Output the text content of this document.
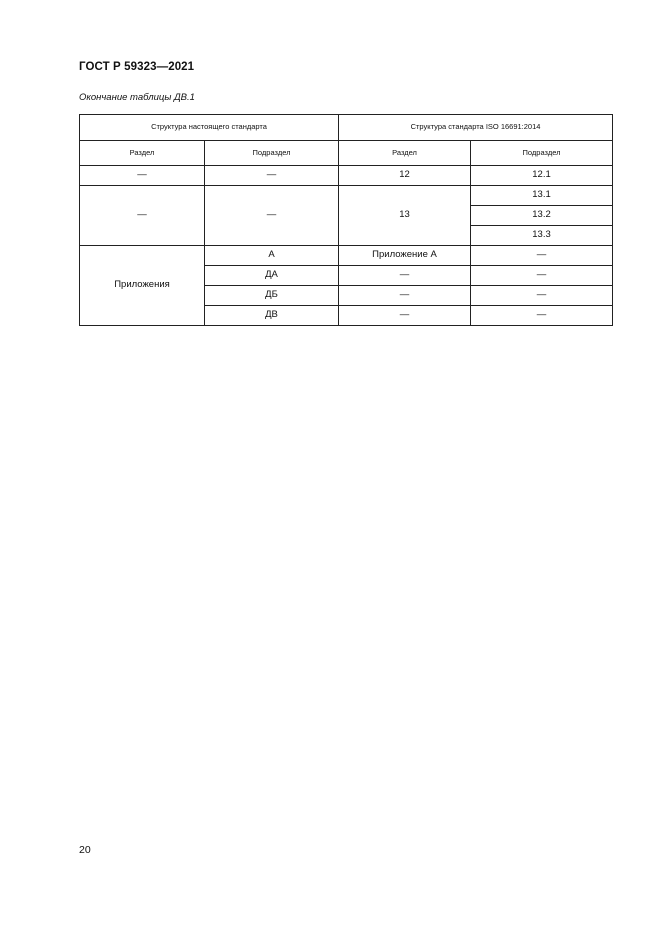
ГОСТ Р 59323—2021
Окончание таблицы ДВ.1
Структура настоящего стандарта		Структура стандарта ISO 16691:2014	
Раздел	Подраздел	Раздел	Подраздел
—	—	12	12.1
—	—	13	13.1
			13.2
			13.3
Приложения	А	Приложение А	—
	ДА	—	—
	ДБ	—	—
	ДВ	—	—
20
